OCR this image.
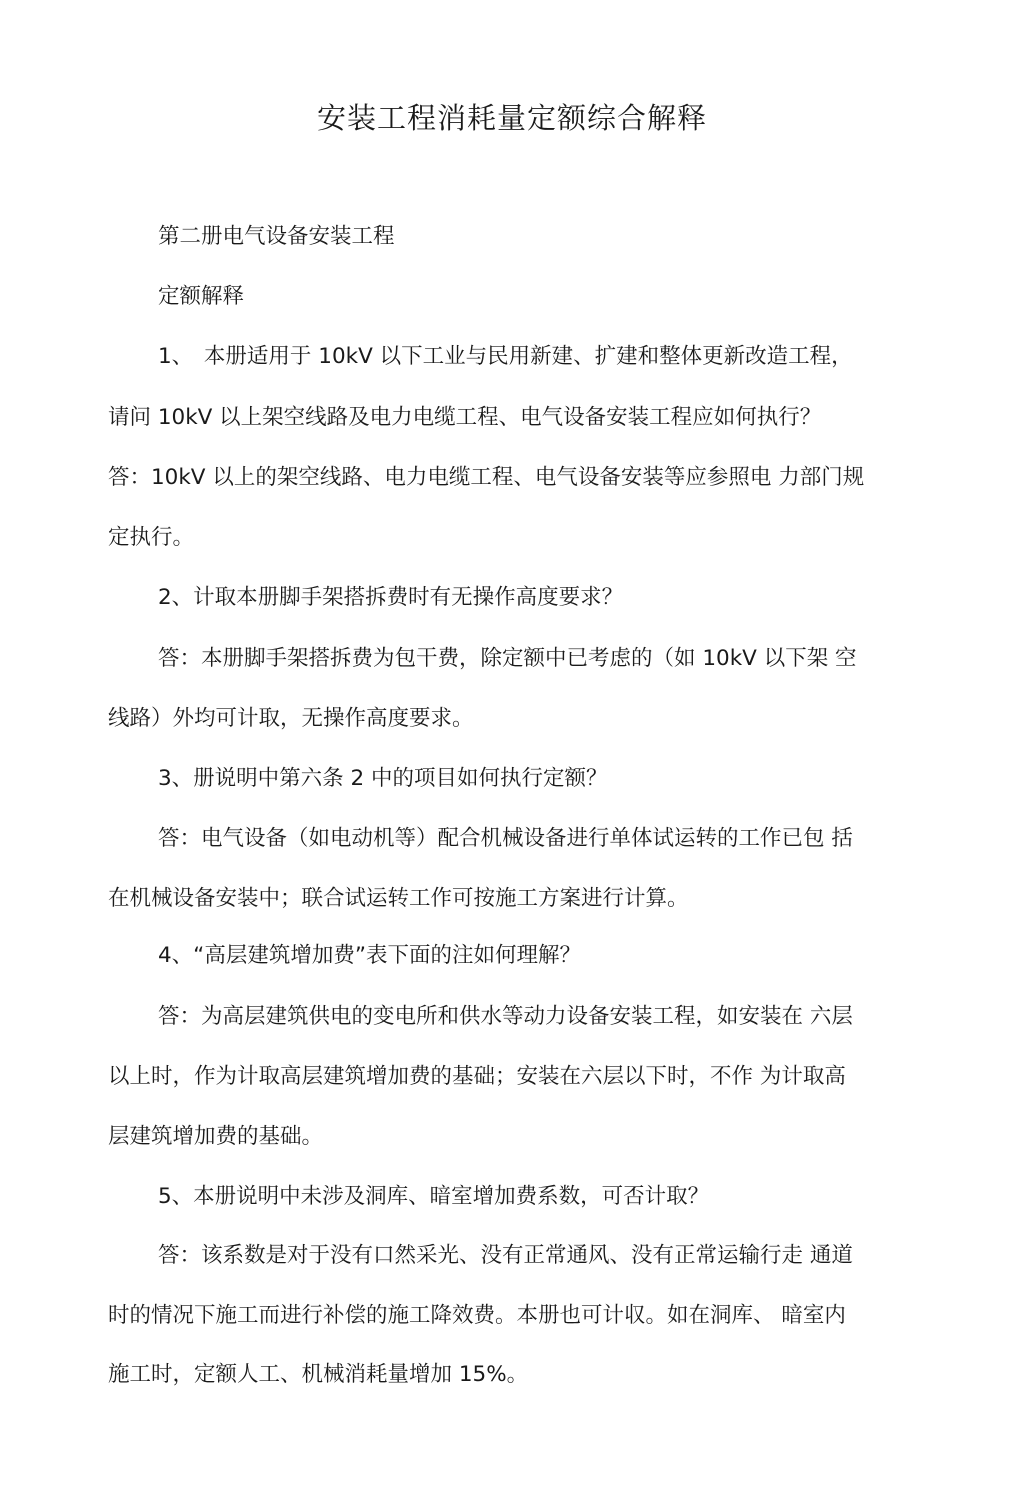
安装工程消耗量定额综合解释
第二册电气设备安装工程
定额解释
1、　本册适用于 10kV 以下工业与民用新建、扩建和整体更新改造工程，
请问 10kV 以上架空线路及电力电缆工程、电气设备安装工程应如何执行？
答：10kV 以上的架空线路、电力电缆工程、电气设备安装等应参照电 力部门规
定执行。
2、计取本册脚手架搭拆费时有无操作高度要求？
答：本册脚手架搭拆费为包干费，除定额中已考虑的（如 10kV 以下架 空
线路）外均可计取，无操作高度要求。
3、册说明中第六条 2 中的项目如何执行定额？
答：电气设备（如电动机等）配合机械设备进行单体试运转的工作已包 括
在机械设备安装中；联合试运转工作可按施工方案进行计算。
4、“高层建筑增加费”表下面的注如何理解？
答：为高层建筑供电的变电所和供水等动力设备安装工程，如安装在 六层
以上时，作为计取高层建筑增加费的基础；安装在六层以下时，不作 为计取高
层建筑增加费的基础。
5、本册说明中未涉及洞库、暗室增加费系数，可否计取？
答：该系数是对于没有口然采光、没有正常通风、没有正常运输行走 通道
时的情况下施工而进行补偿的施工降效费。本册也可计収。如在洞库、 暗室内
施工时，定额人工、机械消耗量增加 15%。
